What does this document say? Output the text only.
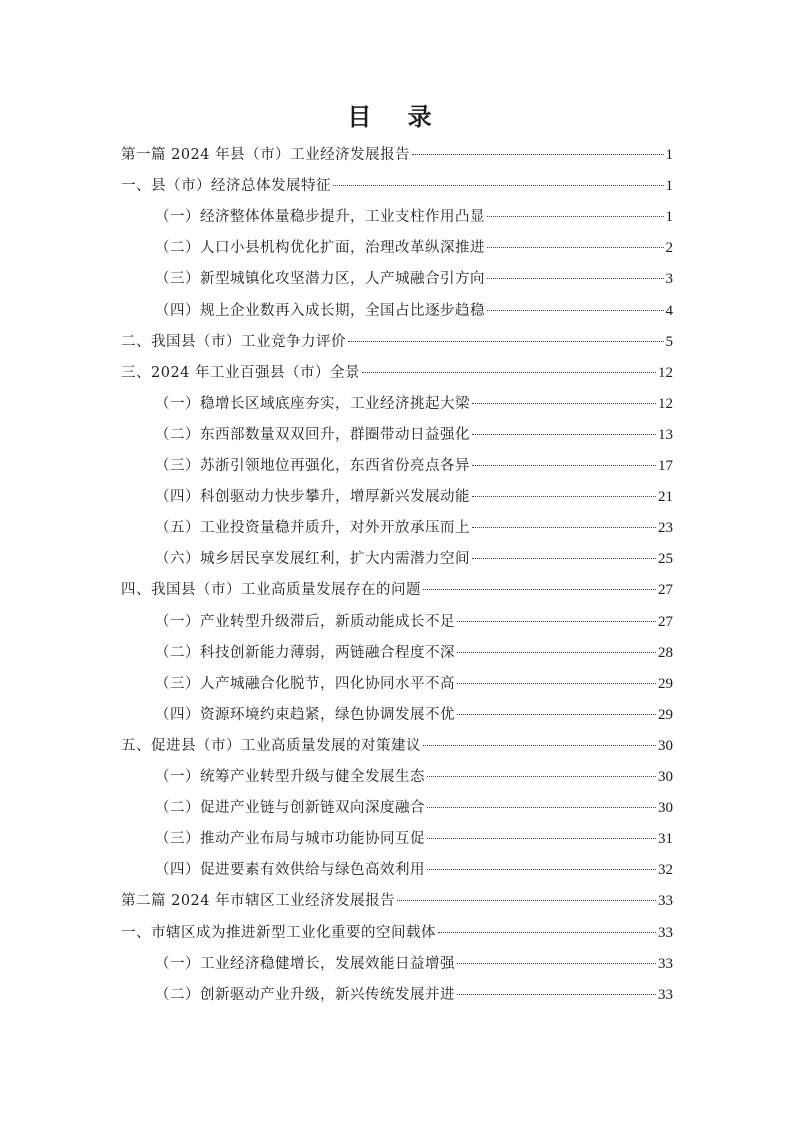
目 录
第一篇 2024 年县（市）工业经济发展报告	1
一、县（市）经济总体发展特征	1
（一）经济整体体量稳步提升，工业支柱作用凸显	1
（二）人口小县机构优化扩面，治理改革纵深推进	2
（三）新型城镇化攻坚潜力区，人产城融合引方向	3
（四）规上企业数再入成长期，全国占比逐步趋稳	4
二、我国县（市）工业竞争力评价	5
三、2024 年工业百强县（市）全景	12
（一）稳增长区域底座夯实，工业经济挑起大梁	12
（二）东西部数量双双回升，群圈带动日益强化	13
（三）苏浙引领地位再强化，东西省份亮点各异	17
（四）科创驱动力快步攀升，增厚新兴发展动能	21
（五）工业投资量稳并质升，对外开放承压而上	23
（六）城乡居民享发展红利，扩大内需潜力空间	25
四、我国县（市）工业高质量发展存在的问题	27
（一）产业转型升级滞后，新质动能成长不足	27
（二）科技创新能力薄弱，两链融合程度不深	28
（三）人产城融合化脱节，四化协同水平不高	29
（四）资源环境约束趋紧，绿色协调发展不优	29
五、促进县（市）工业高质量发展的对策建议	30
（一）统筹产业转型升级与健全发展生态	30
（二）促进产业链与创新链双向深度融合	30
（三）推动产业布局与城市功能协同互促	31
（四）促进要素有效供给与绿色高效利用	32
第二篇 2024 年市辖区工业经济发展报告	33
一、市辖区成为推进新型工业化重要的空间载体	33
（一）工业经济稳健增长，发展效能日益增强	33
（二）创新驱动产业升级，新兴传统发展并进	33
